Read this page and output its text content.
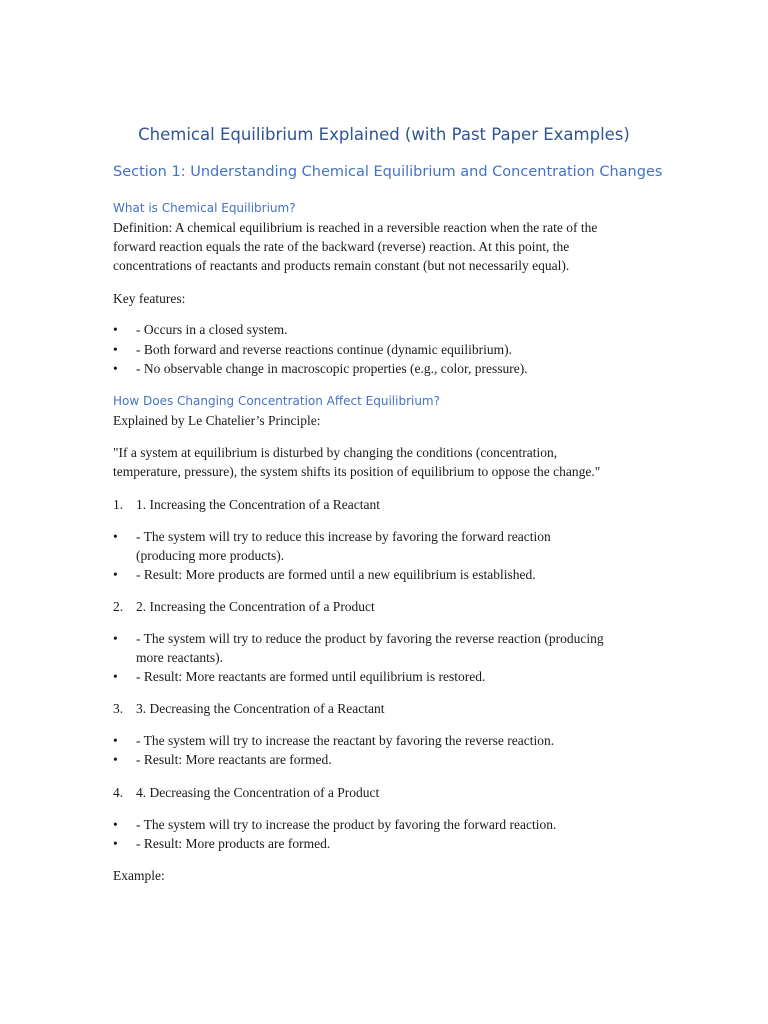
Chemical Equilibrium Explained (with Past Paper Examples)
Section 1: Understanding Chemical Equilibrium and Concentration Changes
What is Chemical Equilibrium?

Definition: A chemical equilibrium is reached in a reversible reaction when the rate of the
forward reaction equals the rate of the backward (reverse) reaction. At this point, the
concentrations of reactants and products remain constant (but not necessarily equal).

Key features:

•	- Occurs in a closed system.
•	- Both forward and reverse reactions continue (dynamic equilibrium).
•	- No observable change in macroscopic properties (e.g., color, pressure).
How Does Changing Concentration Affect Equilibrium?

Explained by Le Chatelier’s Principle:

"If a system at equilibrium is disturbed by changing the conditions (concentration,
temperature, pressure), the system shifts its position of equilibrium to oppose the change."

1. 1. Increasing the Concentration of a Reactant
•	- The system will try to reduce this increase by favoring the forward reaction
(producing more products).
•	- Result: More products are formed until a new equilibrium is established.
2. 2. Increasing the Concentration of a Product
•	- The system will try to reduce the product by favoring the reverse reaction (producing
more reactants).
•	- Result: More reactants are formed until equilibrium is restored.
3. 3. Decreasing the Concentration of a Reactant
•	- The system will try to increase the reactant by favoring the reverse reaction.
•	- Result: More reactants are formed.
4. 4. Decreasing the Concentration of a Product
•	- The system will try to increase the product by favoring the forward reaction.
•	- Result: More products are formed.

Example:
